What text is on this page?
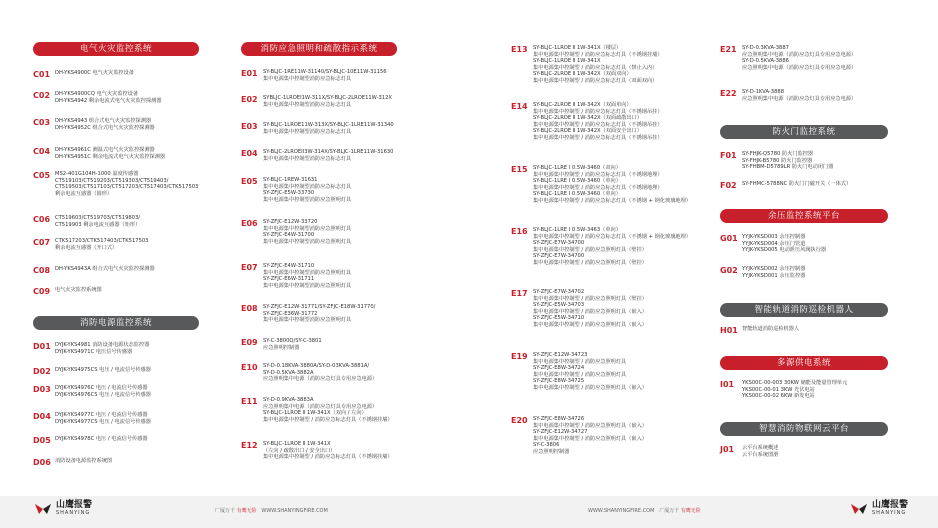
电气火灾监控系统
C01 DH-YKS4900C 电气火灾监控设备
C02 DH-YKS4900CQ 电气火灾监控设备
DH-YKS4942 剩余电流式电气火灾监控探测器
C03 DH-YKS4943 组合式电气火灾监控探测器
DH-YKS4952C 组合式电气火灾监控探测器
C04 DH-YKS4961C 测温式电气火灾监控探测器
DH-YKS4951C 剩余电流式电气火灾监控探测器
C05 MS2-401G104H-1000 温度传感器
CT519103/CT519203/CT519303/CT519403/
CT519503/CT517103/CT517203/CT517403/CTK517503
剩余电流互感器（圆形）
C06 CT519603/CT519703/CT519803/
CT519903 剩余电流互感器（矩形）
C07 CTK517203/CTK517403/CTK517503
剩余电流互感器（开口式）
C08 DH-YKS4943A 组合式电气火灾监控探测器
C09 电气火灾监控系统图
消防电源监控系统
D01 DYJK-YKS4981 消防设备电源状态监控器
DYJK-YKS4971C 电压信号传感器
D02 DYJK-YKS4975CS 电压 / 电流信号传感器
D03 DYJK-YKS4976C 电压 / 电流信号传感器
DYJK-YKS4976CS 电压 / 电流信号传感器
D04 DYJK-YKS4977C 电压 / 电流信号传感器
DYJK-YKS4977CS 电压 / 电流信号传感器
D05 DYJK-YKS4978C 电压 / 电流信号传感器
D06 消防设备电源监控系统图
消防应急照明和疏散指示系统
E01	SY-BLJC-1RE11W-31140/SY-BLJC-10E11W-31156
集中电源集中控制型消防应急标志灯具
E02	SYBLJC-1LROEI1W-311X/SY-BLJC-2LROE11W-312X
集中电源集中控制型消防应急标志灯具
E03	SY-BLJC-1LROE11W-313X/SY-BLJC-1LRE11W-31340
集中电源集中控制型消防应急标志灯具
E04	SY-BLJC-2LROEII3W-314X/SY-BLJC-1LRE11W-31630
集中电源集中控制型消防应急标志灯具
E05	SY-BLJC-1REW-31631
集中电源集中控制型消防应急标志灯具
SY-ZFJC-E5W-33730
集中电源集中控制型消防应急照明灯具
E06	SY-ZFJC-E12W-33720
集中电源集中控制型消防应急照明灯具
SY-ZFJC-E4W-31700
集中电源集中控制型消防应急照明灯具
E07	SY-ZFJC-E4W-31710
集中电源集中控制型消防应急照明灯具
SY-ZFJC-E6W-31711
集中电源集中控制型消防应急照明灯具
E08	SY-ZFJC-E12W-31771/SY-ZFJC-E18W-31770/
SY-ZFJC-E36W-31772
集中电源集中控制型消防应急照明灯具
E09	SY-C-3800Q/SY-C-3801
应急照明控制器
E10	SY-D-0.18KVA-3880A/SY-D-03KVA-3881A/
SY-D-0.5KVA-3882A
应急照明集中电源（消防应急灯具专用应急电源）
E11	SY-D-0.9KVA-3883A
应急照明集中电源（消防应急灯具专用应急电源）
SY-BLJC-1LROE Ⅱ 1W-341X（双向 / 左向）
集中电源集中控制型 / 消防应急标志灯具（不锈钢挂墙）
E12	SY-BLJC-1LROE Ⅱ 1W-341X
（左向 / 疏散出口 / 安全出口）
集中电源集中控制型 / 消防应急标志灯具（不锈钢挂墙）
E13	SY-BLJC-1LROE Ⅱ 1W-341X（楼层）
集中电源集中控制型 / 消防应急标志灯具（不锈钢挂墙）
SY-BLJC-1LROE Ⅱ 1W-341X
集中电源集中控制型 / 消防应急标志灯具（禁止入内）
SY-BLJC-2LROE Ⅱ 1W-342X（双面双向）
集中电源集中控制型 / 消防应急标志灯具（双面双向）
E14	SY-BLJC-2LROE Ⅱ 1W-342X（双面单向）
集中电源集中控制型 / 消防应急标志灯具（不锈钢吊挂）
SY-BLJC-2LROE Ⅱ 1W-342X（双面疏散出口）
集中电源集中控制型 / 消防应急标志灯具（不锈钢吊挂）
SY-BLJC-2LROE Ⅱ 1W-342X（双面安全出口）
集中电源集中控制型 / 消防应急标志灯具（不锈钢吊挂）
E15	SY-BLJC-1LRE Ⅰ 0.5W-3460（双向）
集中电源集中控制型 / 消防应急标志灯具（不锈钢地埋）
SY-BLJC-1LRE Ⅰ 0.5W-3460（单向）
集中电源集中控制型 / 消防应急标志灯具（不锈钢地埋）
SY-BLJC-1LRE Ⅰ 0.5W-3460（单向）
集中电源集中控制型 / 消防应急标志灯具（不锈钢 + 钢化玻璃地埋）
E16	SY-BLJC-1LRE Ⅰ 0.5W-3463（单向）
集中电源集中控制型 / 消防应急标志灯具（不锈钢 + 钢化玻璃地埋）
SY-ZFJC-E7W-34700
集中电源集中控制型 / 消防应急照明灯具（壁挂）
SY-ZFJC-E7W-34700
集中电源集中控制型 / 消防应急照明灯具（壁挂）
E17	SY-ZFJC-E7W-34702
集中电源集中控制型 / 消防应急照明灯具（壁挂）
SY-ZFJC-E5W-34703
集中电源集中控制型 / 消防应急照明灯具（嵌入）
SY-ZFJC-E5W-34710
集中电源集中控制型 / 消防应急照明灯具（嵌入）
E19	SY-ZFJC-E12W-34723
集中电源集中控制型 / 消防应急照明灯具
SY-ZFJC-E8W-34724
集中电源集中控制型 / 消防应急照明灯具
SY-ZFJC-E8W-34725
集中电源集中控制型 / 消防应急照明灯具（嵌入）
E20	SY-ZFJC-E8W-34726
集中电源集中控制型 / 消防应急照明灯具（嵌入）
SY-ZFJC-E12W-34727
集中电源集中控制型 / 消防应急照明灯具（嵌入）
SY-C-3806
应急照明控制器
E21	SY-D-0.3KVA-3887
应急照明集中电源（消防应急灯具专用应急电源）
SY-D-0.5KVA-3886
应急照明集中电源（消防应急灯具专用应急电源）
E22	SY-D-1KVA-3888
应急照明集中电源（消防应急灯具专用应急电源）
防火门监控系统
F01	SY-FHJK-Q5780 防火门监控器
SY-FHJK-B5780 防火门监控器
SY-FHBM-D5789LR 防火门电动闭门器
F02	SY-FHMC-5788NC 防火门门磁开关（一体式）
余压监控系统平台
G01 YYJK-YKSD003 余压控制器
YYJK-YKSD004 余压门管道
YYJK-YKSD005 电动泄压风阀执行器
G02 YYJK-YKSD002 余压控制器
YYJK-YKSD001 余压监控器
智能轨道消防巡检机器人
H01 智能轨道消防巡检机器人
多源供电系统
I01	YKS00C-00-003 30KW 储能及能量管理单元
YKS00C-00-01 3KW 光伏电站
YKS00C-00-02 6KW 新发电站
智慧消防物联网云平台
J01	云平台系统概述
云平台系统图册
山鹰报警
SHANYING	广厦万千 有鹰无险 WWW.SHANYINGFIRE.COM	WWW.SHANYINGFIRE.COM 广厦万千 有鹰无险
山鹰报警
SHANYING
